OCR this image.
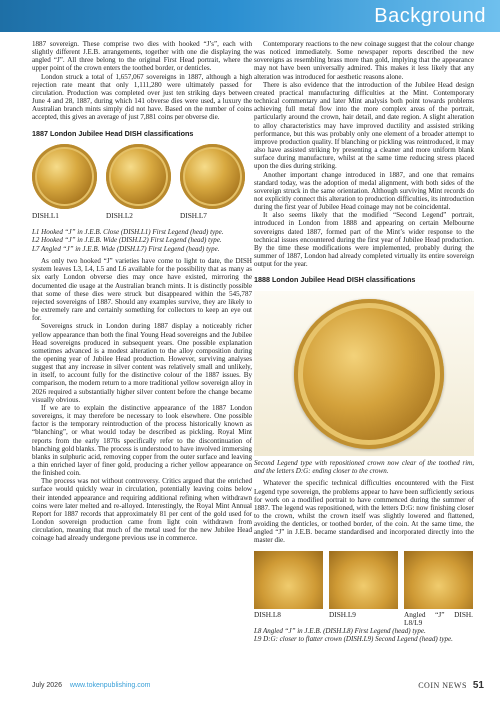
Background

1887 sovereign. These comprise two dies with hooked “J’s”, each with slightly different J.E.B. arrangements, together with one die displaying the angled “J”. All three belong to the original First Head portrait, where the upper point of the crown enters the toothed border, or denticles.

London struck a total of 1,657,067 sovereigns in 1887, although a high rejection rate meant that only 1,111,280 were ultimately passed for circulation. Production was completed over just ten striking days between June 4 and 28, 1887, during which 141 obverse dies were used, a luxury the Australian branch mints simply did not have. Based on the number of coins accepted, this gives an average of just 7,881 coins per obverse die.

1887 London Jubilee Head DISH classifications
DISH.L1	DISH.L2	DISH.L7

L1 Hooked “J” in J.E.B. Close (DISH.L1) First Legend (head) type.

L2 Hooked “J” in J.E.B. Wide (DISH.L2) First Legend (head) type.

L7 Angled “J” in J.E.B. Wide (DISH.L7) First Legend (head) type.

As only two hooked “J” varieties have come to light to date, the DISH system leaves L3, L4, L5 and L6 available for the possibility that as many as six early London obverse dies may once have existed, mirroring the documented die usage at the Australian branch mints. It is distinctly possible that some of these dies were struck but disappeared within the 545,787 rejected sovereigns of 1887. Should any examples survive, they are likely to be extremely rare and certainly something for collectors to keep an eye out for.

Sovereigns struck in London during 1887 display a noticeably richer yellow appearance than both the final Young Head sovereigns and the Jubilee Head sovereigns produced in subsequent years. One possible explanation sometimes advanced is a modest alteration to the alloy composition during the opening year of Jubilee Head production. However, surviving analyses suggest that any increase in silver content was relatively small and unlikely, in itself, to account fully for the distinctive colour of the 1887 issues. By comparison, the modern return to a more traditional yellow sovereign alloy in 2026 required a substantially higher silver content before the change became visually obvious.

If we are to explain the distinctive appearance of the 1887 London sovereigns, it may therefore be necessary to look elsewhere. One possible factor is the temporary reintroduction of the process historically known as “blanching”, or what would today be described as pickling. Royal Mint reports from the early 1870s specifically refer to the discontinuation of blanching gold blanks. The process is understood to have involved immersing blanks in sulphuric acid, removing copper from the outer surface and leaving a thin enriched layer of finer gold, producing a richer yellow appearance on the finished coin.

The process was not without controversy. Critics argued that the enriched surface would quickly wear in circulation, potentially leaving coins below their intended appearance and requiring additional refining when withdrawn coins were later melted and re-alloyed. Interestingly, the Royal Mint Annual Report for 1887 records that approximately 81 per cent of the gold used for London sovereign production came from light coin withdrawn from circulation, meaning that much of the metal used for the new Jubilee Head coinage had already undergone previous use in commerce.

Contemporary reactions to the new coinage suggest that the colour change was noticed immediately. Some newspaper reports described the new sovereigns as resembling brass more than gold, implying that the appearance may not have been universally admired. This makes it less likely that any alteration was introduced for aesthetic reasons alone.

There is also evidence that the introduction of the Jubilee Head design created practical manufacturing difficulties at the Mint. Contemporary technical commentary and later Mint analysis both point towards problems achieving full metal flow into the more complex areas of the portrait, particularly around the crown, hair detail, and date region. A slight alteration to alloy characteristics may have improved ductility and assisted striking performance, but this was probably only one element of a broader attempt to improve production quality. If blanching or pickling was reintroduced, it may also have assisted striking by presenting a cleaner and more uniform blank surface during manufacture, whilst at the same time reducing stress placed upon the dies during striking.

Another important change introduced in 1887, and one that remains standard today, was the adoption of medal alignment, with both sides of the sovereign struck in the same orientation. Although surviving Mint records do not explicitly connect this alteration to production difficulties, its introduction during the first year of Jubilee Head coinage may not be coincidental.

It also seems likely that the modified “Second Legend” portrait, introduced in London from 1888 and appearing on certain Melbourne sovereigns dated 1887, formed part of the Mint’s wider response to the technical issues encountered during the first year of Jubilee Head production. By the time these modifications were implemented, probably during the summer of 1887, London had already completed virtually its entire sovereign output for the year.

1888 London Jubilee Head DISH classifications

Second Legend type with repositioned crown now clear of the toothed rim, and the letters D:G: ending closer to the crown.

Whatever the specific technical difficulties encountered with the First Legend type sovereign, the problems appear to have been sufficiently serious for work on a modified portrait to have commenced during the summer of 1887. The legend was repositioned, with the letters D:G: now finishing closer to the crown, whilst the crown itself was slightly lowered and flattened, avoiding the denticles, or toothed border, of the coin. At the same time, the angled “J” in J.E.B. became standardised and incorporated directly into the master die.

DISH.L8	DISH.L9	Angled “J” DISH. L8/L9

L8 Angled “J” in J.E.B. (DISH.L8) First Legend (head) type.

L9 D:G: closer to flatter crown (DISH.L9) Second Legend (head) type.

July 2026 www.tokenpublishing.com	COIN NEWS 51
